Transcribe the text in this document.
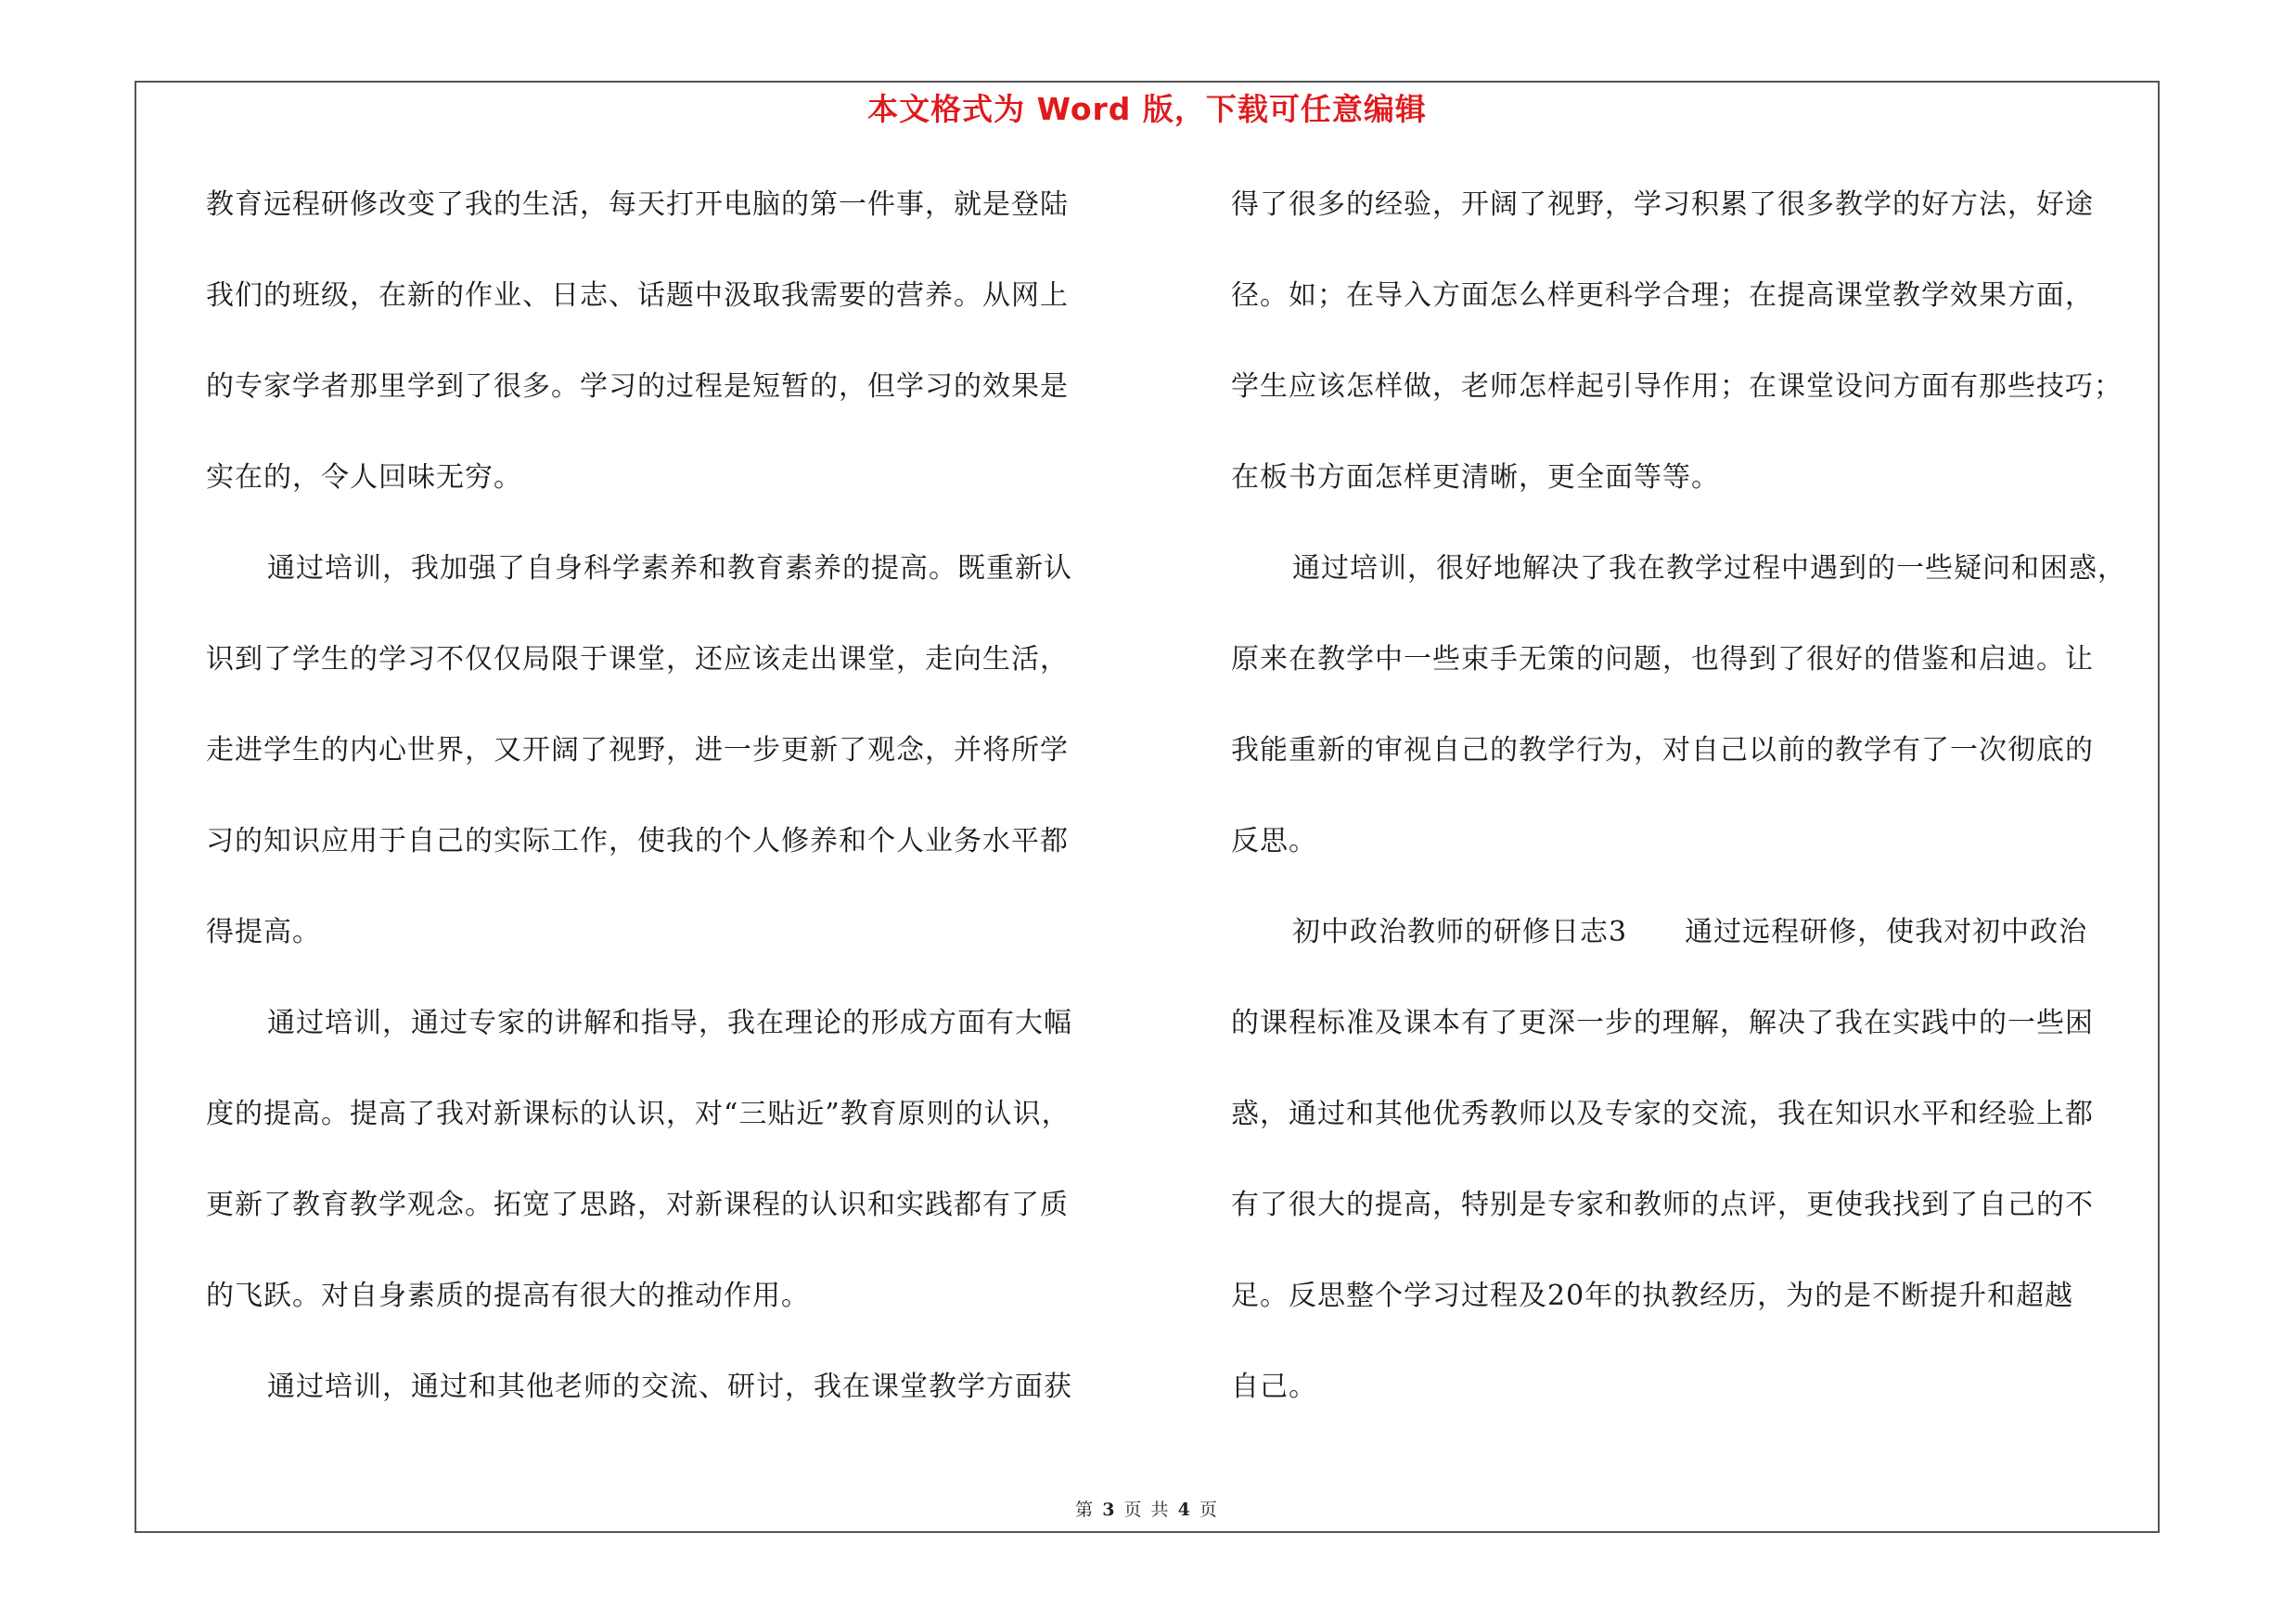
本文格式为 Word 版，下载可任意编辑
教育远程研修改变了我的生活，每天打开电脑的第一件事，就是登陆
我们的班级，在新的作业、日志、话题中汲取我需要的营养。从网上
的专家学者那里学到了很多。学习的过程是短暂的，但学习的效果是
实在的，令人回味无穷。
通过培训，我加强了自身科学素养和教育素养的提高。既重新认
识到了学生的学习不仅仅局限于课堂，还应该走出课堂，走向生活，
走进学生的内心世界，又开阔了视野，进一步更新了观念，并将所学
习的知识应用于自己的实际工作，使我的个人修养和个人业务水平都
得提高。
通过培训，通过专家的讲解和指导，我在理论的形成方面有大幅
度的提高。提高了我对新课标的认识，对“三贴近”教育原则的认识，
更新了教育教学观念。拓宽了思路，对新课程的认识和实践都有了质
的飞跃。对自身素质的提高有很大的推动作用。
通过培训，通过和其他老师的交流、研讨，我在课堂教学方面获
得了很多的经验，开阔了视野，学习积累了很多教学的好方法，好途
径。如；在导入方面怎么样更科学合理；在提高课堂教学效果方面，
学生应该怎样做，老师怎样起引导作用；在课堂设问方面有那些技巧；
在板书方面怎样更清晰，更全面等等。
通过培训，很好地解决了我在教学过程中遇到的一些疑问和困惑，
原来在教学中一些束手无策的问题，也得到了很好的借鉴和启迪。让
我能重新的审视自己的教学行为，对自己以前的教学有了一次彻底的
反思。
初中政治教师的研修日志3　　通过远程研修，使我对初中政治
的课程标准及课本有了更深一步的理解，解决了我在实践中的一些困
惑，通过和其他优秀教师以及专家的交流，我在知识水平和经验上都
有了很大的提高，特别是专家和教师的点评，更使我找到了自己的不
足。反思整个学习过程及20年的执教经历，为的是不断提升和超越
自己。
第 3 页 共 4 页
